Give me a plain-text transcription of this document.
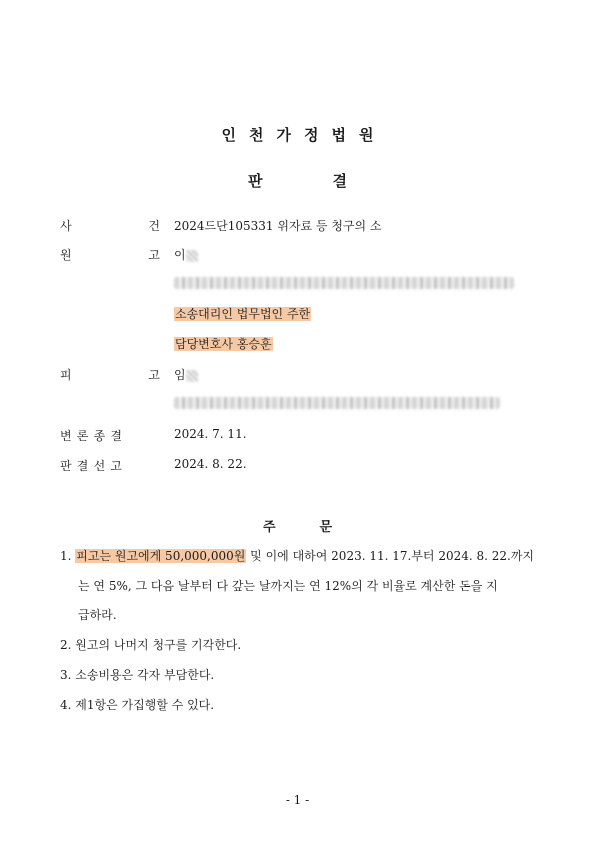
인천가정법원
판	결
사	건 2024드단105331 위자료 등 청구의 소
원	고 이
소송대리인 법무법인 주한
담당변호사 홍승훈
피	고 임
변 론 종 결	2024. 7. 11.
판 결 선 고	2024. 8. 22.
주	문
1. 피고는 원고에게 50,000,000원 및 이에 대하여 2023. 11. 17.부터 2024. 8. 22.까지
는 연 5%, 그 다음 날부터 다 갚는 날까지는 연 12%의 각 비율로 계산한 돈을 지
급하라.
2. 원고의 나머지 청구를 기각한다.
3. 소송비용은 각자 부담한다.
4. 제1항은 가집행할 수 있다.
- 1 -
